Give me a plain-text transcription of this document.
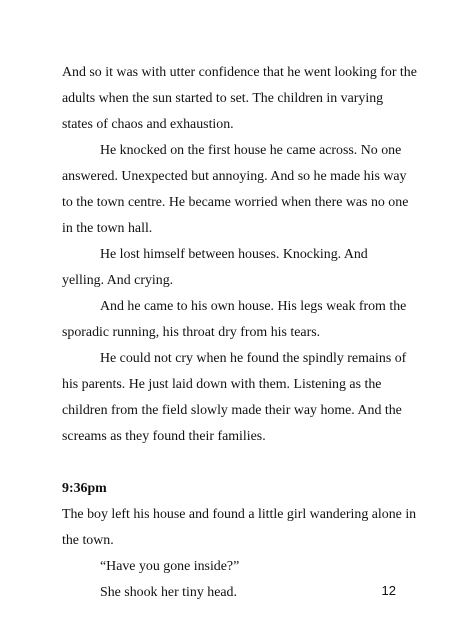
And so it was with utter confidence that he went looking for the
adults when the sun started to set. The children in varying
states of chaos and exhaustion.
He knocked on the first house he came across. No one
answered. Unexpected but annoying. And so he made his way
to the town centre. He became worried when there was no one
in the town hall.
He lost himself between houses. Knocking. And
yelling. And crying.
And he came to his own house. His legs weak from the
sporadic running, his throat dry from his tears.
He could not cry when he found the spindly remains of
his parents. He just laid down with them. Listening as the
children from the field slowly made their way home. And the
screams as they found their families.
9:36pm
The boy left his house and found a little girl wandering alone in
the town.
“Have you gone inside?”
She shook her tiny head.	12
